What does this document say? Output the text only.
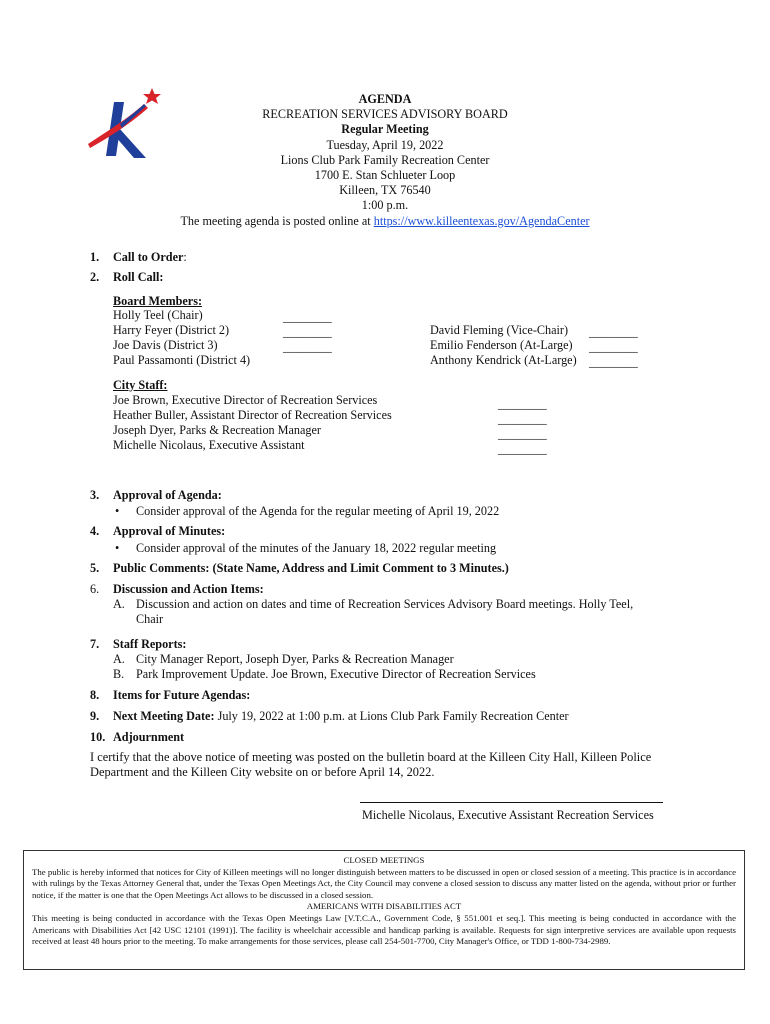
AGENDA
RECREATION SERVICES ADVISORY BOARD
Regular Meeting
Tuesday, April 19, 2022
Lions Club Park Family Recreation Center
1700 E. Stan Schlueter Loop
Killeen, TX 76540
1:00 p.m.
The meeting agenda is posted online at https://www.killeentexas.gov/AgendaCenter
1. Call to Order:
2. Roll Call:
Board Members:
Holly Teel (Chair)
Harry Feyer (District 2)
Joe Davis (District 3)
Paul Passamonti (District 4)
________
________
________
David Fleming (Vice-Chair)
Emilio Fenderson (At-Large)
Anthony Kendrick (At-Large)
________
________
________
City Staff:
Joe Brown, Executive Director of Recreation Services
Heather Buller, Assistant Director of Recreation Services
Joseph Dyer, Parks & Recreation Manager
Michelle Nicolaus, Executive Assistant
________
________
________
________
3. Approval of Agenda:
• Consider approval of the Agenda for the regular meeting of April 19, 2022
4. Approval of Minutes:
• Consider approval of the minutes of the January 18, 2022 regular meeting
5. Public Comments: (State Name, Address and Limit Comment to 3 Minutes.)
6. Discussion and Action Items:
A. Discussion and action on dates and time of Recreation Services Advisory Board meetings. Holly Teel,
Chair
7. Staff Reports:
A. City Manager Report, Joseph Dyer, Parks & Recreation Manager
B. Park Improvement Update. Joe Brown, Executive Director of Recreation Services
8. Items for Future Agendas:
9. Next Meeting Date: July 19, 2022 at 1:00 p.m. at Lions Club Park Family Recreation Center
10. Adjournment
I certify that the above notice of meeting was posted on the bulletin board at the Killeen City Hall, Killeen Police
Department and the Killeen City website on or before April 14, 2022.
Michelle Nicolaus, Executive Assistant Recreation Services
CLOSED MEETINGS
The public is hereby informed that notices for City of Killeen meetings will no longer distinguish between matters to be discussed in open or closed session of a meeting. This practice is in accordance with rulings by the Texas Attorney General that, under the Texas Open Meetings Act, the City Council may convene a closed session to discuss any matter listed on the agenda, without prior or further notice, if the matter is one that the Open Meetings Act allows to be discussed in a closed session.
AMERICANS WITH DISABILITIES ACT
This meeting is being conducted in accordance with the Texas Open Meetings Law [V.T.C.A., Government Code, § 551.001 et seq.]. This meeting is being conducted in accordance with the Americans with Disabilities Act [42 USC 12101 (1991)]. The facility is wheelchair accessible and handicap parking is available. Requests for sign interpretive services are available upon requests received at least 48 hours prior to the meeting. To make arrangements for those services, please call 254-501-7700, City Manager's Office, or TDD 1-800-734-2989.
